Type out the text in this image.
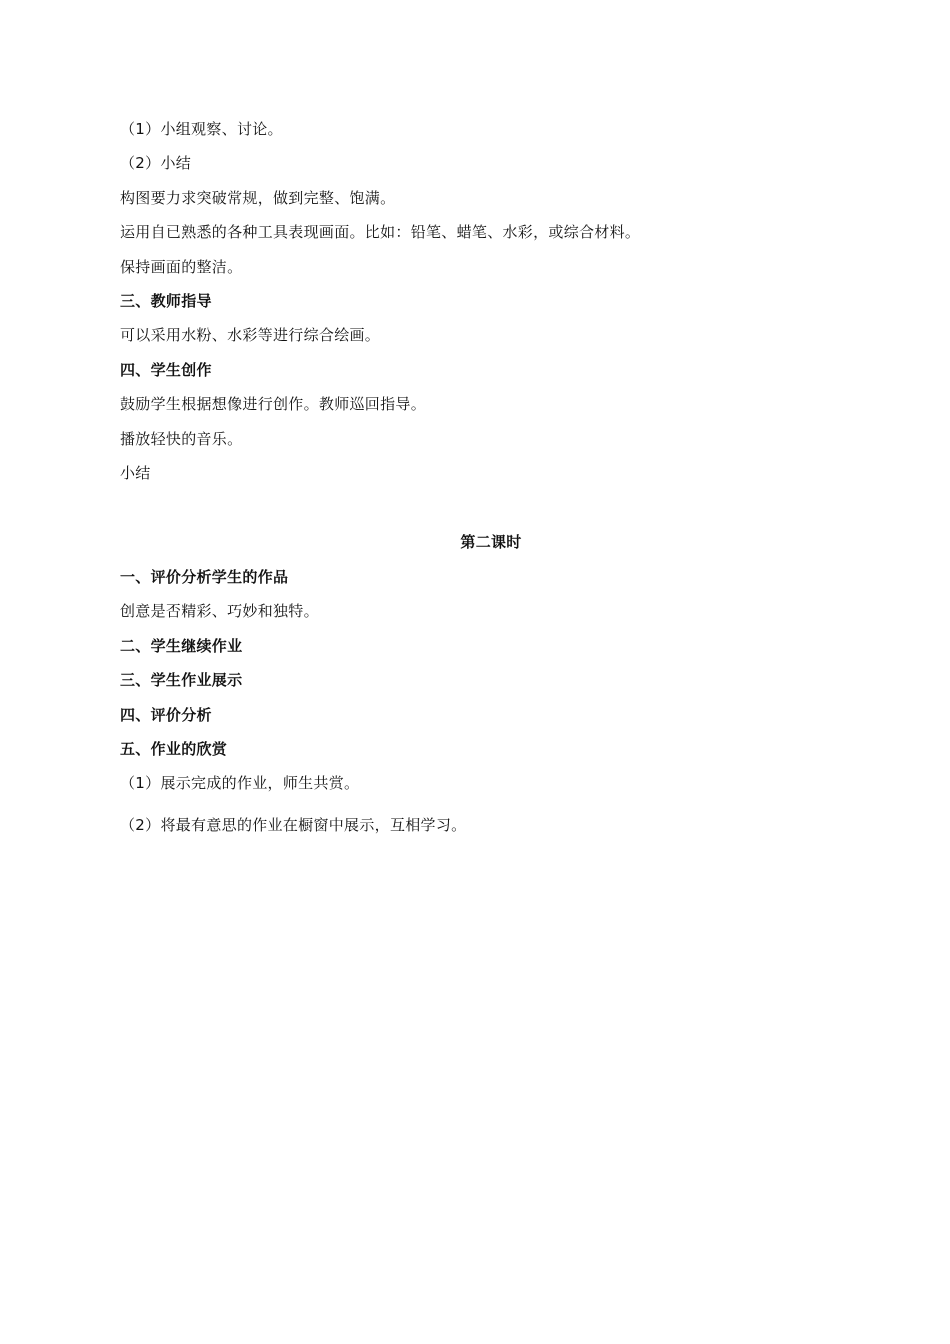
（1）小组观察、讨论。
（2）小结
构图要力求突破常规，做到完整、饱满。
运用自已熟悉的各种工具表现画面。比如：铅笔、蜡笔、水彩，或综合材料。
保持画面的整洁。
三、教师指导
可以采用水粉、水彩等进行综合绘画。
四、学生创作
鼓励学生根据想像进行创作。教师巡回指导。
播放轻快的音乐。
小结
第二课时
一、评价分析学生的作品
创意是否精彩、巧妙和独特。
二、学生继续作业
三、学生作业展示
四、评价分析
五、作业的欣赏
（1）展示完成的作业，师生共赏。
（2）将最有意思的作业在橱窗中展示，互相学习。
